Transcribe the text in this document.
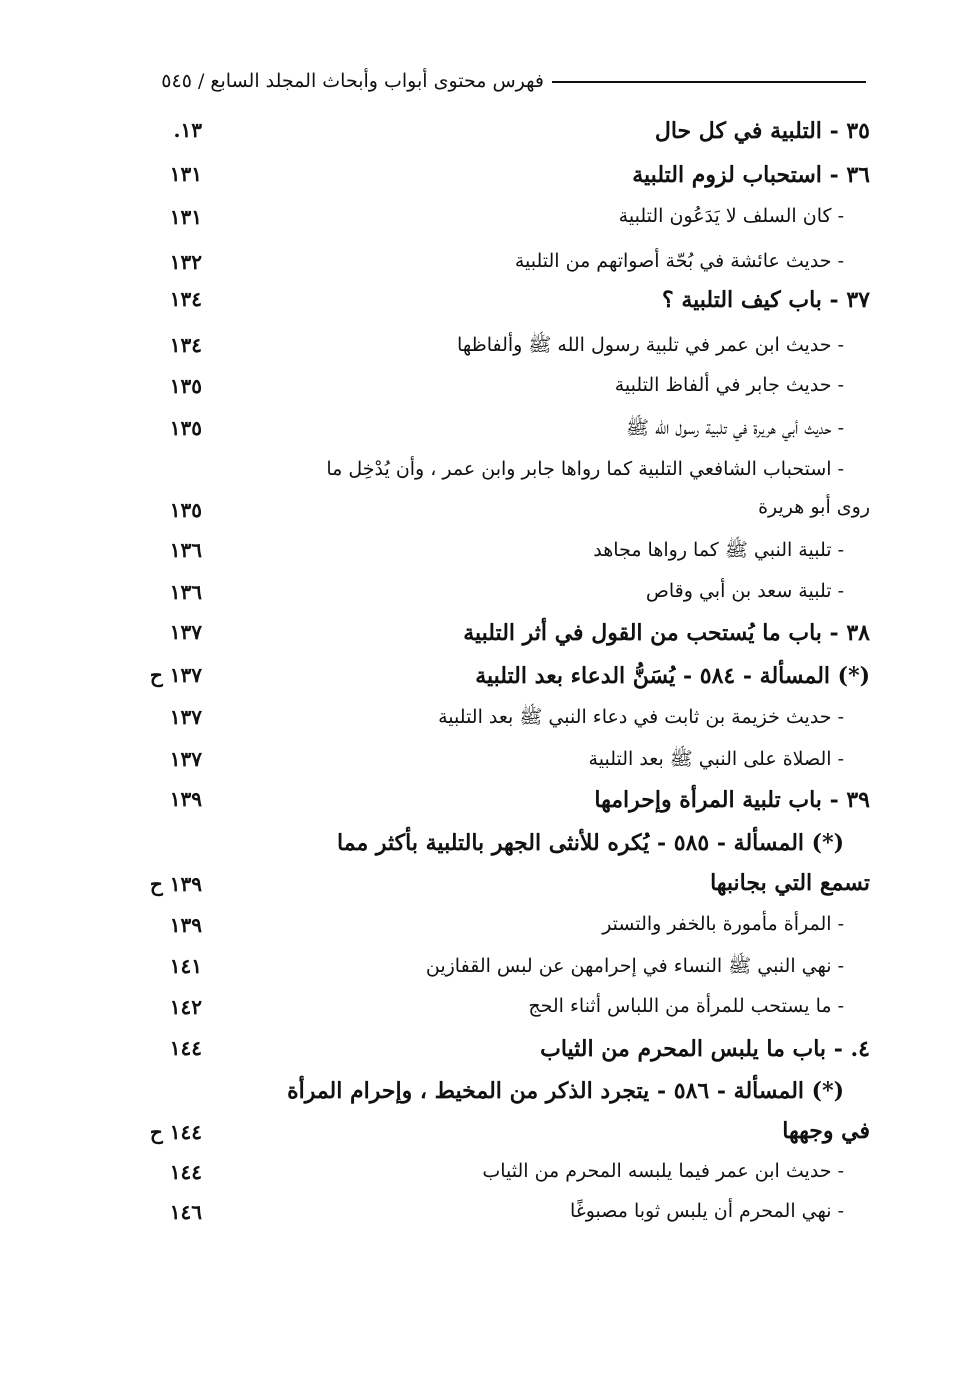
فهرس محتوى أبواب وأبحاث المجلد السابع / ٥٤٥
٣٥ - التلبية في كل حال
١٣.
٣٦ - استحباب لزوم التلبية
١٣١
- كان السلف لا يَدَعُون التلبية
١٣١
- حديث عائشة في بُحّة أصواتهم من التلبية
١٣٢
٣٧ - باب كيف التلبية ؟
١٣٤
- حديث ابن عمر في تلبية رسول الله ﷺ وألفاظها
١٣٤
- حديث جابر في ألفاظ التلبية
١٣٥
- حديث أبي هريرة في تلبية رسول الله ﷺ
١٣٥
- استحباب الشافعي التلبية كما رواها جابر وابن عمر ، وأن يُدْخِل ما
روى أبو هريرة
١٣٥
- تلبية النبي ﷺ كما رواها مجاهد
١٣٦
- تلبية سعد بن أبي وقاص
١٣٦
٣٨ - باب ما يُستحب من القول في أثر التلبية
١٣٧
(*) المسألة - ٥٨٤ - يُسَنُّ الدعاء بعد التلبية
١٣٧ ح
- حديث خزيمة بن ثابت في دعاء النبي ﷺ بعد التلبية
١٣٧
- الصلاة على النبي ﷺ بعد التلبية
١٣٧
٣٩ - باب تلبية المرأة وإحرامها
١٣٩
(*) المسألة - ٥٨٥ - يُكره للأنثى الجهر بالتلبية بأكثر مما
تسمع التي بجانبها
١٣٩ ح
- المرأة مأمورة بالخفر والتستر
١٣٩
- نهي النبي ﷺ النساء في إحرامهن عن لبس القفازين
١٤١
- ما يستحب للمرأة من اللباس أثناء الحج
١٤٢
٤. - باب ما يلبس المحرم من الثياب
١٤٤
(*) المسألة - ٥٨٦ - يتجرد الذكر من المخيط ، وإحرام المرأة
في وجهها
١٤٤ ح
- حديث ابن عمر فيما يلبسه المحرم من الثياب
١٤٤
- نهي المحرم أن يلبس ثوبا مصبوغًا
١٤٦
